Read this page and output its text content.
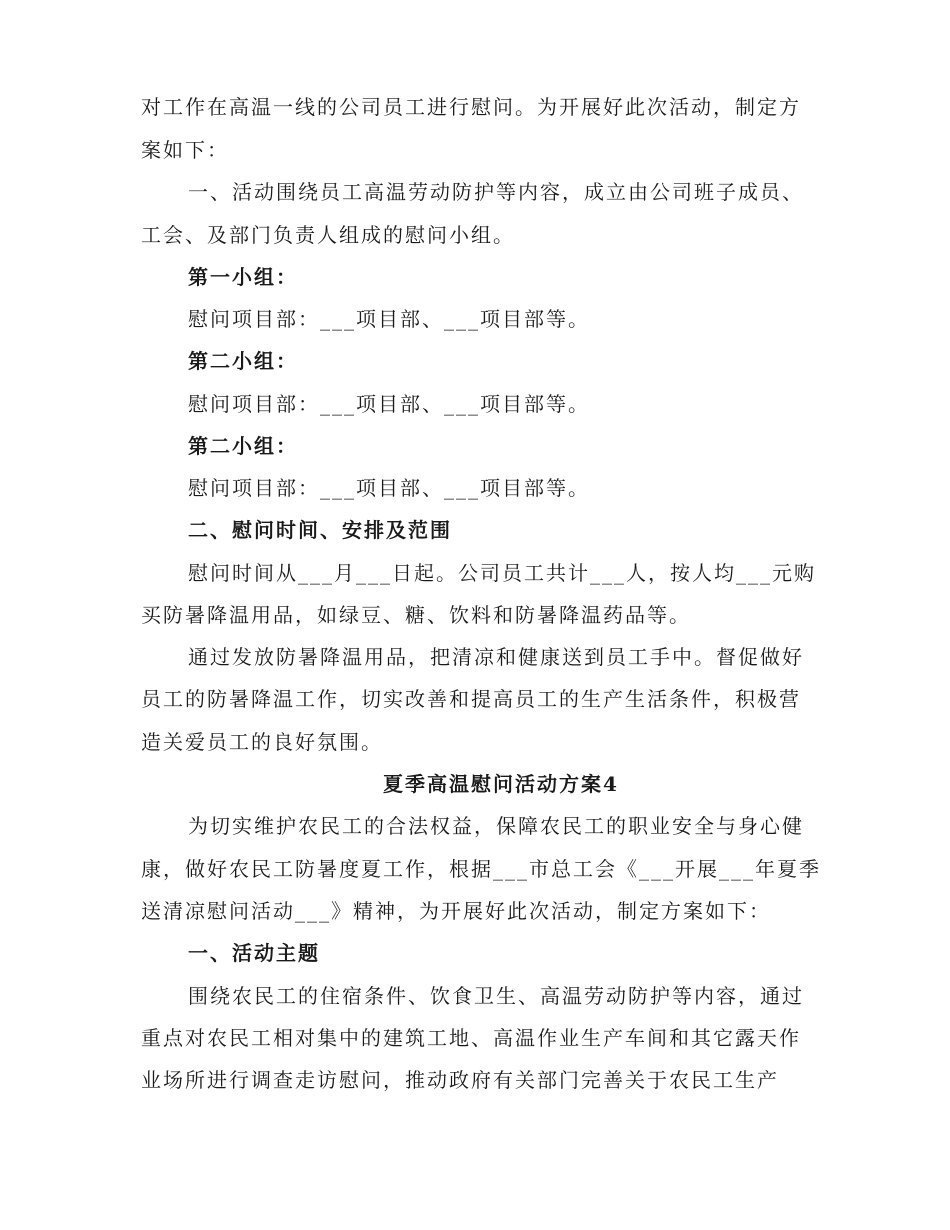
对工作在高温一线的公司员工进行慰问。为开展好此次活动，制定方
案如下：
一、活动围绕员工高温劳动防护等内容，成立由公司班子成员、
工会、及部门负责人组成的慰问小组。
第一小组：
慰问项目部：___项目部、___项目部等。
第二小组：
慰问项目部：___项目部、___项目部等。
第二小组：
慰问项目部：___项目部、___项目部等。
二、慰问时间、安排及范围
慰问时间从___月___日起。公司员工共计___人，按人均___元购
买防暑降温用品，如绿豆、糖、饮料和防暑降温药品等。
通过发放防暑降温用品，把清凉和健康送到员工手中。督促做好
员工的防暑降温工作，切实改善和提高员工的生产生活条件，积极营
造关爱员工的良好氛围。
夏季高温慰问活动方案4
为切实维护农民工的合法权益，保障农民工的职业安全与身心健
康，做好农民工防暑度夏工作，根据___市总工会《___开展___年夏季
送清凉慰问活动___》精神，为开展好此次活动，制定方案如下：
一、活动主题
围绕农民工的住宿条件、饮食卫生、高温劳动防护等内容，通过
重点对农民工相对集中的建筑工地、高温作业生产车间和其它露天作
业场所进行调查走访慰问，推动政府有关部门完善关于农民工生产
